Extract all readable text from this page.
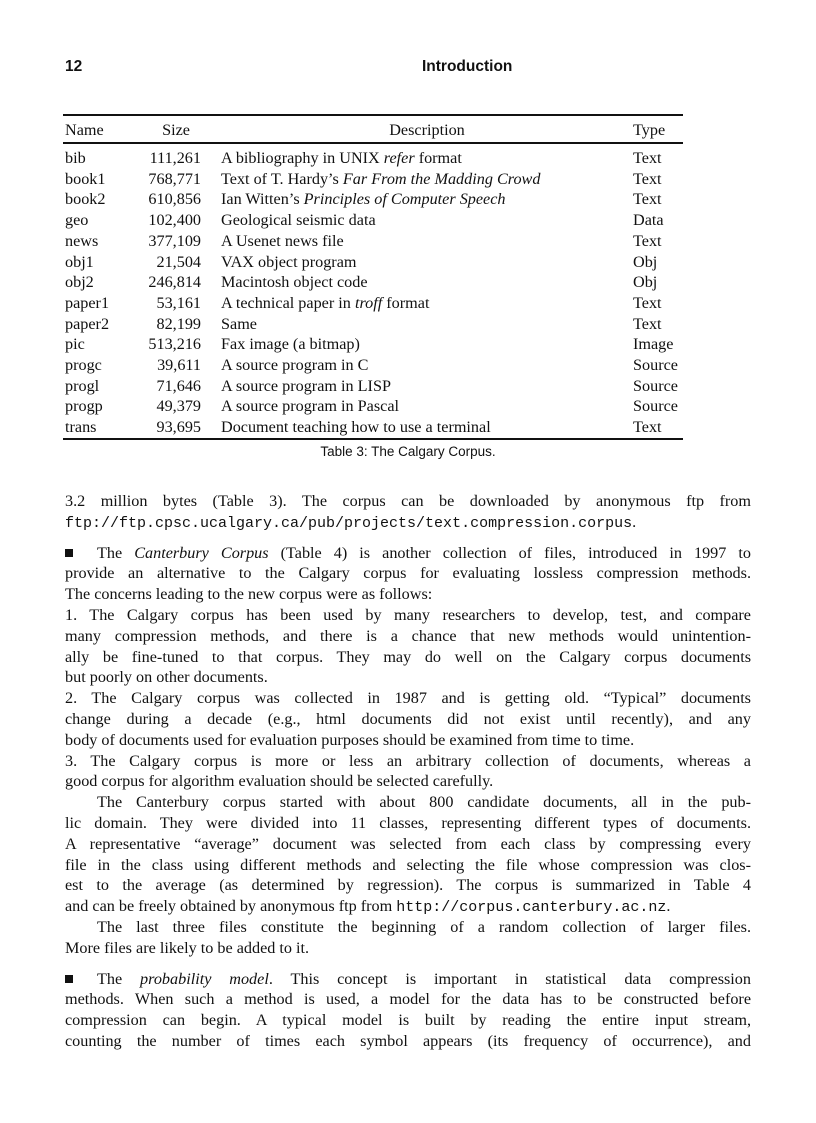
12	Introduction
Name	Size	Description	Type
bib	111,261	A bibliography in UNIX refer format	Text
book1	768,771	Text of T. Hardy’s Far From the Madding Crowd	Text
book2	610,856	Ian Witten’s Principles of Computer Speech	Text
geo	102,400	Geological seismic data	Data
news	377,109	A Usenet news file	Text
obj1	21,504	VAX object program	Obj
obj2	246,814	Macintosh object code	Obj
paper1	53,161	A technical paper in troff format	Text
paper2	82,199	Same	Text
pic	513,216	Fax image (a bitmap)	Image
progc	39,611	A source program in C	Source
progl	71,646	A source program in LISP	Source
progp	49,379	A source program in Pascal	Source
trans	93,695	Document teaching how to use a terminal	Text
Table 3: The Calgary Corpus.
3.2 million bytes (Table 3). The corpus can be downloaded by anonymous ftp from
ftp://ftp.cpsc.ucalgary.ca/pub/projects/text.compression.corpus.
The Canterbury Corpus (Table 4) is another collection of files, introduced in 1997 to
provide an alternative to the Calgary corpus for evaluating lossless compression methods.
The concerns leading to the new corpus were as follows:
1. The Calgary corpus has been used by many researchers to develop, test, and compare
many compression methods, and there is a chance that new methods would unintention-
ally be fine-tuned to that corpus. They may do well on the Calgary corpus documents
but poorly on other documents.
2. The Calgary corpus was collected in 1987 and is getting old. “Typical” documents
change during a decade (e.g., html documents did not exist until recently), and any
body of documents used for evaluation purposes should be examined from time to time.
3. The Calgary corpus is more or less an arbitrary collection of documents, whereas a
good corpus for algorithm evaluation should be selected carefully.
The Canterbury corpus started with about 800 candidate documents, all in the pub-
lic domain. They were divided into 11 classes, representing different types of documents.
A representative “average” document was selected from each class by compressing every
file in the class using different methods and selecting the file whose compression was clos-
est to the average (as determined by regression). The corpus is summarized in Table 4
and can be freely obtained by anonymous ftp from http://corpus.canterbury.ac.nz.
The last three files constitute the beginning of a random collection of larger files.
More files are likely to be added to it.
The probability model. This concept is important in statistical data compression
methods. When such a method is used, a model for the data has to be constructed before
compression can begin. A typical model is built by reading the entire input stream,
counting the number of times each symbol appears (its frequency of occurrence), and
